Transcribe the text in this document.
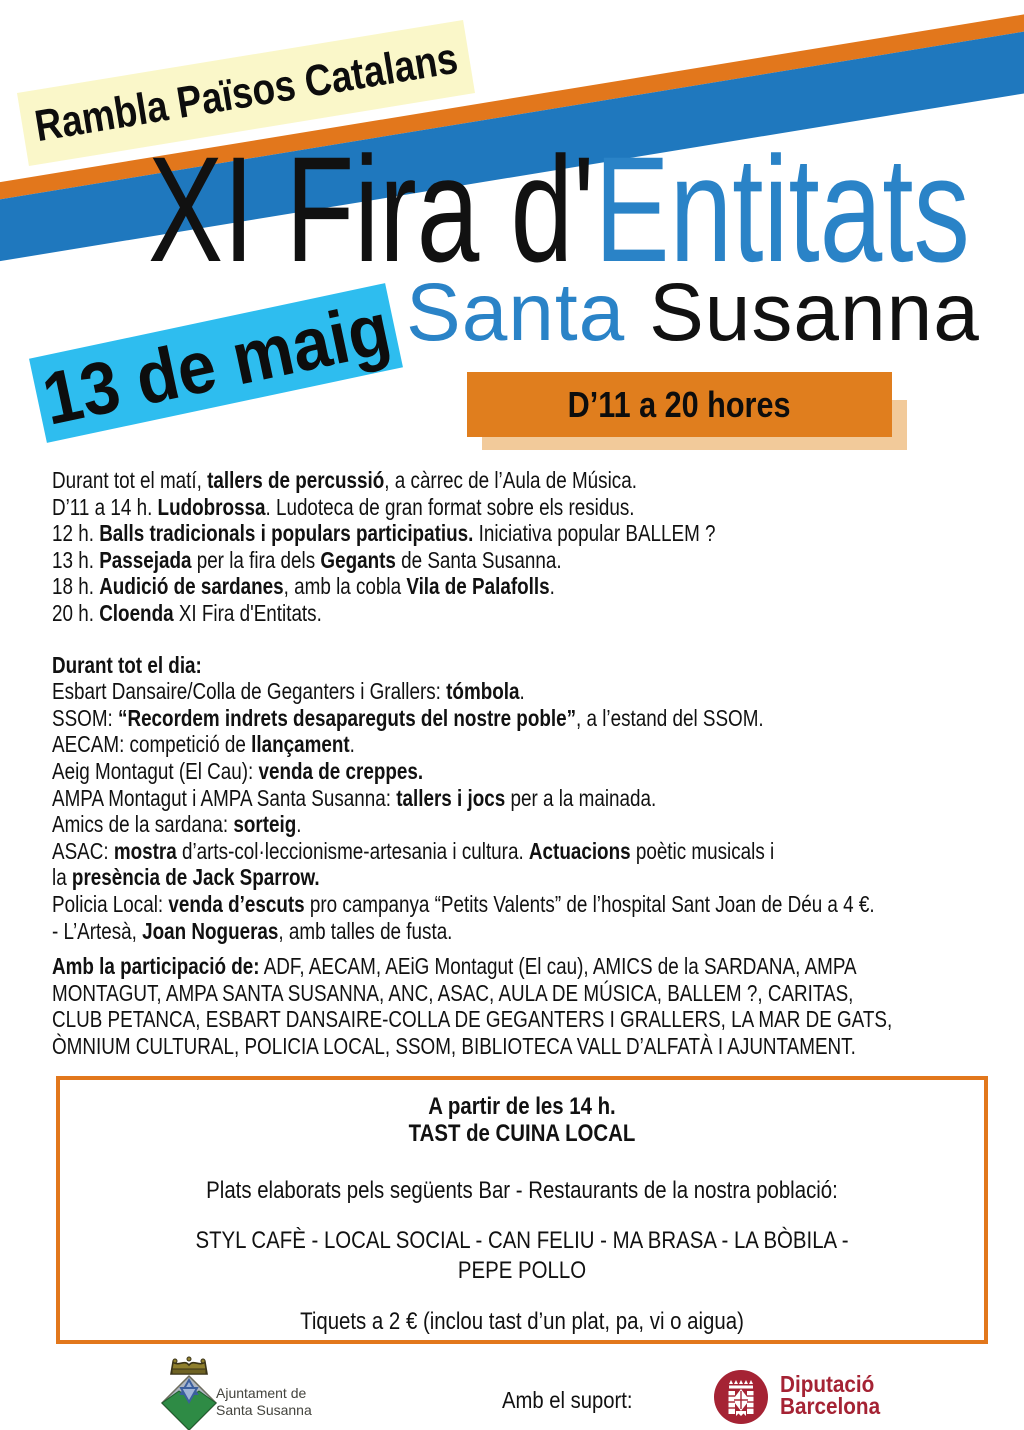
Rambla Països Catalans
XI Fira d'Entitats
13 de maig Santa Susanna
D’11 a 20 hores
Durant tot el matí, tallers de percussió, a càrrec de l’Aula de Música.
D’11 a 14 h. Ludobrossa. Ludoteca de gran format sobre els residus.
12 h. Balls tradicionals i populars participatius. Iniciativa popular BALLEM ?
13 h. Passejada per la fira dels Gegants de Santa Susanna.
18 h. Audició de sardanes, amb la cobla Vila de Palafolls.
20 h. Cloenda XI Fira d'Entitats.
Durant tot el dia:
Esbart Dansaire/Colla de Geganters i Grallers: tómbola.
SSOM: “Recordem indrets desapareguts del nostre poble”, a l’estand del SSOM.
AECAM: competició de llançament.
Aeig Montagut (El Cau): venda de creppes.
AMPA Montagut i AMPA Santa Susanna: tallers i jocs per a la mainada.
Amics de la sardana: sorteig.
ASAC: mostra d’arts-col·leccionisme-artesania i cultura. Actuacions poètic musicals i
la presència de Jack Sparrow.
Policia Local: venda d’escuts pro campanya “Petits Valents” de l’hospital Sant Joan de Déu a 4 €.
- L’Artesà, Joan Nogueras, amb talles de fusta.
Amb la participació de: ADF, AECAM, AEiG Montagut (El cau), AMICS de la SARDANA, AMPA
MONTAGUT, AMPA SANTA SUSANNA, ANC, ASAC, AULA DE MÚSICA, BALLEM ?, CARITAS,
CLUB PETANCA, ESBART DANSAIRE-COLLA DE GEGANTERS I GRALLERS, LA MAR DE GATS,
ÒMNIUM CULTURAL, POLICIA LOCAL, SSOM, BIBLIOTECA VALL D’ALFATÀ I AJUNTAMENT.
A partir de les 14 h.
TAST de CUINA LOCAL
Plats elaborats pels següents Bar - Restaurants de la nostra població:
STYL CAFÈ - LOCAL SOCIAL - CAN FELIU - MA BRASA - LA BÒBILA -
PEPE POLLO
Tiquets a 2 € (inclou tast d’un plat, pa, vi o aigua)
Ajuntament de
Santa Susanna	Amb el suport:
Diputació
Barcelona
